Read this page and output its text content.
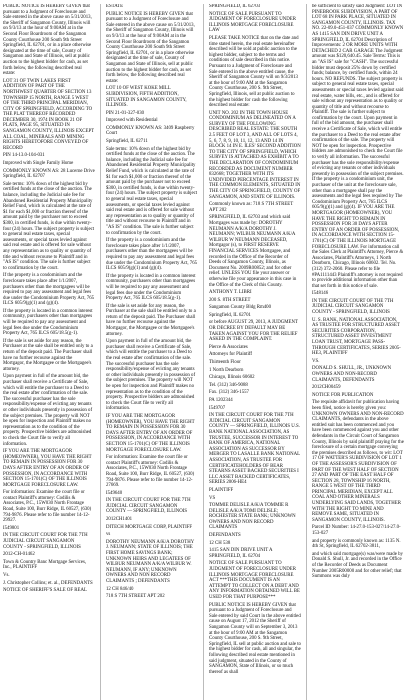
PUBLIC NOTICE IS HEREBY GIVEN that pursuant to a Judgment of Foreclosure and Sale entered in the above cause on 5/31/2013, the Sheriff of Sangamon County, Illinois will on 9/3/13 at the hour of 9:00AM at in the Second Floor Boardroom of the Sangamon County Courthouse 200 South 9th Street Springfield, IL 62701, or in a place otherwise designated at the time of sale, County of Sangamon and State of Illinois, sell at public auction to the highest bidder for cash, as set forth below, the following described real estate:

LOT 31 OF TWIN LAKES FIRST ADDITION OF PART OF THE NORTHWEST QUARTER OF SECTION 13 TOWNSHIP 15 NORTH, RANGE 5 WEST OF THE THIRD PRINCIPAL MERIDIAN, CITY OF SPRINGFIELD, ACCORDING TO THE PLAT THEREOF RECORDED DECEMBER 30, 1974 IN BOOK 21 OF PLATS, PAGE 95, SITUATED IN SANGAMON COUNTY, ILLINOIS EXCEPT ALL COAL, MINERALS AND MINING RIGHTS HERETOFORE CONVEYED OF RECORD

PIN 14-13.0-104-031

Improved with Single Family Home

COMMONLY KNOWN AS: 28 Lucerne Drive Springfield, IL 62707

Sale terms: 10% down of the highest bid by certified funds at the close of the auction. The balance, including the Judicial sale fee for Abandoned Residential Property Municipality Relief Fund, which is calculated at the rate of $1 for each $1,000 or fraction thereof of the amount paid by the purchaser not to exceed $300, in certified funds, is due within twenty-four (24) hours. The subject property is subject to general real estate taxes, special assessments, or special taxes levied against said real estate and is offered for sale without any representation as to quality or quantity of title and without recourse to Plaintiff and in "AS IS" condition. The sale is further subject to confirmation by the court.

If the property is a condominium and the foreclosure takes place after 1/1/2007, purchasers other than the mortgagees will be required to pay any assessment and legal fees due under the Condominium Property Act, 765 ILCS 605/9(g)(1) and (g)(4).

If the property is located in a common interest community, purchasers other than mortgagees will be required to pay any assessment and legal fees due under the Condominium Property Act, 765 ILCS 605/18.5(g-1).

If the sale is set aside for any reason, the Purchaser at the sale shall be entitled only to a return of the deposit paid. The Purchaser shall have no further recourse against the Mortgagor, the Mortgagee or the Mortgagee's attorney.

Upon payment in full of the amount bid, the purchaser shall receive a Certificate of Sale, which will entitle the purchaser to a Deed to the real estate after confirmation of the sale. The successful purchaser has the sole responsibility/expense of evicting any tenants or other individuals presently in possession of the subject premises. The property will NOT be open for inspection and Plaintiff makes no representation as to the condition of the property. Prospective bidders are admonished to check the Court file to verify all information.

IF YOU ARE THE MORTGAGOR (HOMEOWNER), YOU HAVE THE RIGHT TO REMAIN IN POSSESSION FOR 30 DAYS AFTER ENTRY OF AN ORDER OF POSSESSION, IN ACCORDANCE WITH SECTION 15-1701(C) OF THE ILLINOIS MORTGAGE FORECLOSURE LAW.

For information: Examine the court file or contact Plaintiff's attorney: Codilis & Associates, P.C., 15W030 North Frontage Road, Suite 100, Burr Ridge, IL 60527, (630) 794-9876. Please refer to file number 14-12-29927.

I549801

IN THE CIRCUIT COURT FOR THE 7TH JUDICIAL CIRCUIT SANGAMON COUNTY - SPRINGFIELD, ILLINOIS

2012-CH-01462

Town & Country Banc Mortgage Services, Inc., PLAINTIFF

Vs.

J. Christopher Collins; et. al., DEFENDANTS

NOTICE OF SHERIFF'S SALE OF REAL

ESTATE

PUBLIC NOTICE IS HEREBY GIVEN that pursuant to a Judgment of Foreclosure and Sale entered in the above cause on 5/31/2013, the Sheriff of Sangamon County, Illinois will on 9/3/13 at the hour of 9:00AM at in the Second Floor Boardroom of the Sangamon County Courthouse 200 South 9th Street Springfield, IL 62701, or in a place otherwise designated at the time of sale, County of Sangamon and State of Illinois, sell at public auction to the highest bidder for cash, as set forth below, the following described real estate:

LOT 10 OF WEST KOKE MILL SUBDIVISION, FIFTH ADDITION, SITUATED IN SANGAMON COUNTY, ILLINOIS.

PIN 21-01-327-030

Improved with Residential

COMMONLY KNOWN AS: 3409 Raspberry Court

Springfield, IL 62711

Sale terms: 10% down of the highest bid by certified funds at the close of the auction. The balance, including the Judicial sale fee for Abandoned Residential Property Municipality Relief Fund, which is calculated at the rate of $1 for each $1,000 or fraction thereof of the amount paid by the purchaser not to exceed $300, in certified funds, is due within twenty-four (24) hours. The subject property is subject to general real estate taxes, special assessments, or special taxes levied against said real estate and is offered for sale without any representation as to quality or quantity of title and without recourse to Plaintiff and in "AS IS" condition. The sale is further subject to confirmation by the court.

If the property is a condominium and the foreclosure takes place after 1/1/2007, purchasers other than the mortgagees will be required to pay any assessment and legal fees due under the Condominium Property Act, 765 ILCS 605/9(g)(1) and (g)(4).

If the property is located in a common interest community, purchasers other than mortgagees will be required to pay any assessment and legal fees due under the Condominium Property Act, 765 ILCS 605/18.5(g-1).

If the sale is set aside for any reason, the Purchaser at the sale shall be entitled only to a return of the deposit paid. The Purchaser shall have no further recourse against the Mortgagor, the Mortgagee or the Mortgagee's attorney.

Upon payment in full of the amount bid, the purchaser shall receive a Certificate of Sale, which will entitle the purchaser to a Deed to the real estate after confirmation of the sale. The successful purchaser has the sole responsibility/expense of evicting any tenants or other individuals presently in possession of the subject premises. The property will NOT be open for inspection and Plaintiff makes no representation as to the condition of the property. Prospective bidders are admonished to check the Court file to verify all information.

IF YOU ARE THE MORTGAGOR (HOMEOWNER), YOU HAVE THE RIGHT TO REMAIN IN POSSESSION FOR 30 DAYS AFTER ENTRY OF AN ORDER OF POSSESSION, IN ACCORDANCE WITH SECTION 15-1701(C) OF THE ILLINOIS MORTGAGE FORECLOSURE LAW.

For information: Examine the court file or contact Plaintiff's attorney: Codilis & Associates, P.C., 15W030 North Frontage Road, Suite 100, Burr Ridge, IL 60527, (630) 794-9876. Please refer to file number 14-12-27669.

I549640

IN THE CIRCUIT COURT FOR THE 7TH JUDICIAL CIRCUIT SANGAMON COUNTY — SPRINGFIELD, ILLINOIS

2012CH1401

DITECH MORTGAGE CORP, PLAINTIFF

vs

DOROTHY NEUMANN A/K/A DOROTHY J. NEUMANN; STATE OF ILLINOIS; THE FIRST HOME SAVINGS BANK; UNKNOWN HEIRS AND LEGATEES OF WILBUR NEUMANN A/K/A WILBUR W. NEUMANN, IF ANY; UNKNOWN OWNERS AND NON RECORD CLAIMANTS ; DEFENDANTS

12 CH 846/40

718 S 7TH STREET APT 202

SPRINGFIELD, IL 62703

NOTICE OF SALE PURSUANT TO JUDGMENT OF FORECLOSURE UNDER ILLINOIS MORTGAGE FORECLOSURE LAW

PLEASE TAKE NOTICE that on the date and time stated herein, the real estate hereinafter described will be sold at public auction to the highest bidder, subject to the terms and conditions of sale described in this notice. Pursuant to a Judgment of Foreclosure and Sale entered in the above entitled cause, the Sheriff of Sangamon County will on 9/3/2013 at the hour of 9:00 AM at the Sangamon County Courthouse, 200 S. 9th Street, Springfield, Illinois, sell at public auction to the highest bidder for cash the following described real estate:

UNIT NO. 202 IN THE TOWN HOUSE CONDOMINIUM AS DELINEATED ON A SURVEY OF THE FOLLOWING DESCRIBED REAL ESTATE: THE SOUTH 2.5 FEET OF LOT 3, AND ALL OF LOTS 4, 5, 6, 7, 8, 9, 10, 11, 12, 13 AND 14 IN BLOCK 14 IN E. ILES' SECOND ADDITION TO THE CITY OF SPRINGFIELD, WHICH SURVEY IS ATTACHED AS EXHIBIT A TO THE DECLARATION OF CONDOMINIUM RECORDED AS DOCUMENT NUMBER 832668; TOGETHER WITH ITS UNDIVIDED PERCENTAGE INTEREST IN THE COMMON ELEMENTS, SITUATED IN THE CITY OF SPRINGFIELD, COUNTY OF SANGAMON, AND STATE OF ILLINOIS.

Commonly known as: 718 S 7TH STREET APT 202

SPRINGFIELD, IL 62703 and which said Mortgages was made by: DOROTHY NEUMANN A/K/A DOROTHY J. NEUMANN; WILBUR NEUMANN A/K/A WILBUR W NEUMANN DECEASED, Mortgagor (s), to FIRST RESERVE FINANCIAL SERVICES Mortgagee, and recorded in the Office of the Recorder of Deeds of Sangamon County, Illinois, as Document No. 2009R00852; and for other relief. UNLESS YOU file your answer or otherwise file your appearance in this case in the Office of the Clerk of this County.

ANTHONY T. LIBRI

200 S. 8TH STREET

Sangamon County Bldg Rm400

Springfield, IL 62701

or before AUGUST 29, 2013, A JUDGMENT OR DECREE BY DEFAULT MAY BE TAKEN AGAINST YOU FOR THE RELIEF ASKED IN THE COMPLAINT.

Pierce & Associates

Attorneys for Plaintiff

Thirteenth Floor

1 North Dearborn

Chicago, Illinois 60602

Tel. (312) 346-9088

Fax. (312) 346-1557

PA 1202344

I549707

IN THE CIRCUIT COURT FOR THE 7TH JUDICIAL CIRCUIT SANGAMON COUNTY — SPRINGFIELD, ILLINOIS U.S. BANK NATIONAL ASSOCIATION, AS TRUSTEE, SUCCESSOR IN INTEREST TO BANK OF AMERICA, NATIONAL ASSOCIATION AS SUCCESSOR BY MERGER TO LASALLE BANK NATIONAL ASSOCIATION, AS TRUSTEE FOR CERTIFICATEHOLDERS OF BEAR STEARNS ASSET BACKED SECURITIES I LLC ASSET BACKED CERTIFICATES, SERIES 2006-HE4

PLAINTIFF

VS

TOMMIE DELISLE A/K/A TOMMIE R DELISLE A/K/A TOMI DELISLE; ROCHESTER STATE BANK; UNKNOWN OWNERS AND NON RECORD CLAIMANTS

DEFENDANTS

12 CH 538

1415 SAN DIN DRIVE UNIT A SPRINGFIELD, IL 62704

NOTICE OF SALE PURSUANT TO JUDGMENT OF FORECLOSURE UNDER ILLINOIS MORTGAGE FORECLOSURE ACT ***THIS DOCUMENT IS AN ATTEMPT TO COLLECT ON A DEBT AND ANY INFORMATION OBTAINED WILL BE USED FOR THAT PURPOSE***

PUBLIC NOTICE IS HEREBY GIVEN that pursuant to a Judgment of Foreclosure and Sale entered by said Court in the above entitled cause on August 17, 2012 the Sheriff of Sangamon County will on September 3, 2013 at the hour of 9:00 AM at the Sangamon County Courthouse, 200 S. 9th Street, Springfield, IL sell at public auction and sale to the highest bidder for cash, all and singular, the following described real estate mentioned in said judgment, situated in the County of SANGAMON, State of Illinois, or so much thereof as shall

be sufficient to satisfy said Judgment: LOT IN PINEBROOK SUBDIVISION, A PART OF LOT 68 IN PARK PLACE, SITUATED IN SANGAMON COUNTY, ILLINOIS. TAX NO. 22-09.0-451-037 COMMONLY KNOWN AS 1415 SAN DIN DRIVE UNIT A SPRINGFIELD, IL 62704 Description of Improvements: 2 OR MORE UNITS WITH DETACHED 2 CAR GARAGE The Judgment amount was $120,640.45. Sale Terms: This is an "AS IS" sale for "CASH". The successful bidder must deposit 25% down by certified funds; balance, by certified funds, within 24 hours. NO REFUNDS. The subject property is subject to general real estate taxes, special assessments or special taxes levied against said real estate, water bills, etc., and is offered for sale without any representation as to quality or quantity of title and without recourse to Plaintiff. The sale is further subject to confirmation by the court. Upon payment in full of the bid amount, the purchaser shall receive a Certificate of Sale, which will entitle the purchaser to a Deed to the real estate after confirmation of the sale. The property will NOT be open for inspection. Prospective bidders are admonished to check the Court file to verify all information. The successful purchaser has the sole responsibility/expense of evicting any tenants or other individuals presently in possession of the subject premises. If the property is a condominium unit, the purchaser of the unit at the foreclosure sale, other than a mortgagee shall pay the assessments and the legal fees required by The Condominium Property Act, 765 ILCS 605/9(g)(1) and (g)(4). IF YOU ARE THE MORTGAGOR (HOMEOWNER), YOU HAVE THE RIGHT TO REMAIN IN POSSESSION FOR 30 DAYS AFTER ENTRY OF AN ORDER OF POSSESSION, IN ACCORDANCE WITH SECTION 15-1701(C) OF THE ILLINOIS MORTGAGE FORECLOSURE LAW. For information call the Sales Clerk at Plaintiff's Attorney, Pierce & Associates, Plaintiff's Attorneys, 1 North Dearborn, Chicago, Illinois 60602. Tel. No. (312) 372-2060. Please refer to file #PA1111443 Plaintiff's attorney is not required to provide additional information other than that set forth in this notice of sale.

I548146

IN THE CIRCUIT COURT OF THE 7TH JUDICIAL CIRCUIT SANGAMON COUNTY - SPRINGFIELD, ILLINOIS

U. S. BANK, NATIONAL ASSOCIATION, AS TRUSTEE FOR STRUCTURED ASSET SECURITIES CORPORATION, STRUCTURED ASSET INVESTMENT LOAN TRUST, MORTGAGE PASS-THROUGH CERTIFICATES, SERIES 2005-HE3, PLAINTIFF

VS.

DONALD S. SHULL, JR., UNKNOWN OWNERS AND NON-RECORD CLAIMANTS, DEFENDANTS

2012CH00459

NOTICE FOR PUBLICATION

The requisite affidavit for publication having been filed, notice is hereby given you: UNKNOWN OWNERS AND NON-RECORD CLAIMANTS, defendants in the above entitled suit has been commenced and you have been commenced against you and other defendants in the Circuit Court of Sangamon County, Illinois by said plaintiff praying for the foreclosure of a certain mortgage conveying the premises described as follows, to wit: LOT 17 OF WATTER'S SUBDIVISION OF LOT 1 OF THE ASSESSOR'S SUBDIVISION OF PART OF THE WEST HALF OF SECTION 27 AND PART OF THE EAST HALF OF SECTION 28, TOWNSHIP 16 NORTH, RANGE 5 WEST OF THE THIRD PRINCIPAL MERIDIAN, EXCEPT ALL COAL AND OTHER MINERALS UNDERLYING SAID LANDS, TOGETHER WITH THE RIGHT TO MINE AND REMOVE SAME, SITUATED IN SANGAMON COUNTY, ILLINOIS.

Parcel ID Number: 14-27.0-153-027/14-27.0-153-027

and property is commonly known as: 1135 N. 4th St, Springfield, IL 62702-3811,

and which said mortgage(s) was/were made by Donald S. Shull, Jr. and recorded in the Office of the Recorder of Deeds as Document Number 2005R00000 and for other relief; that Summons was duly
